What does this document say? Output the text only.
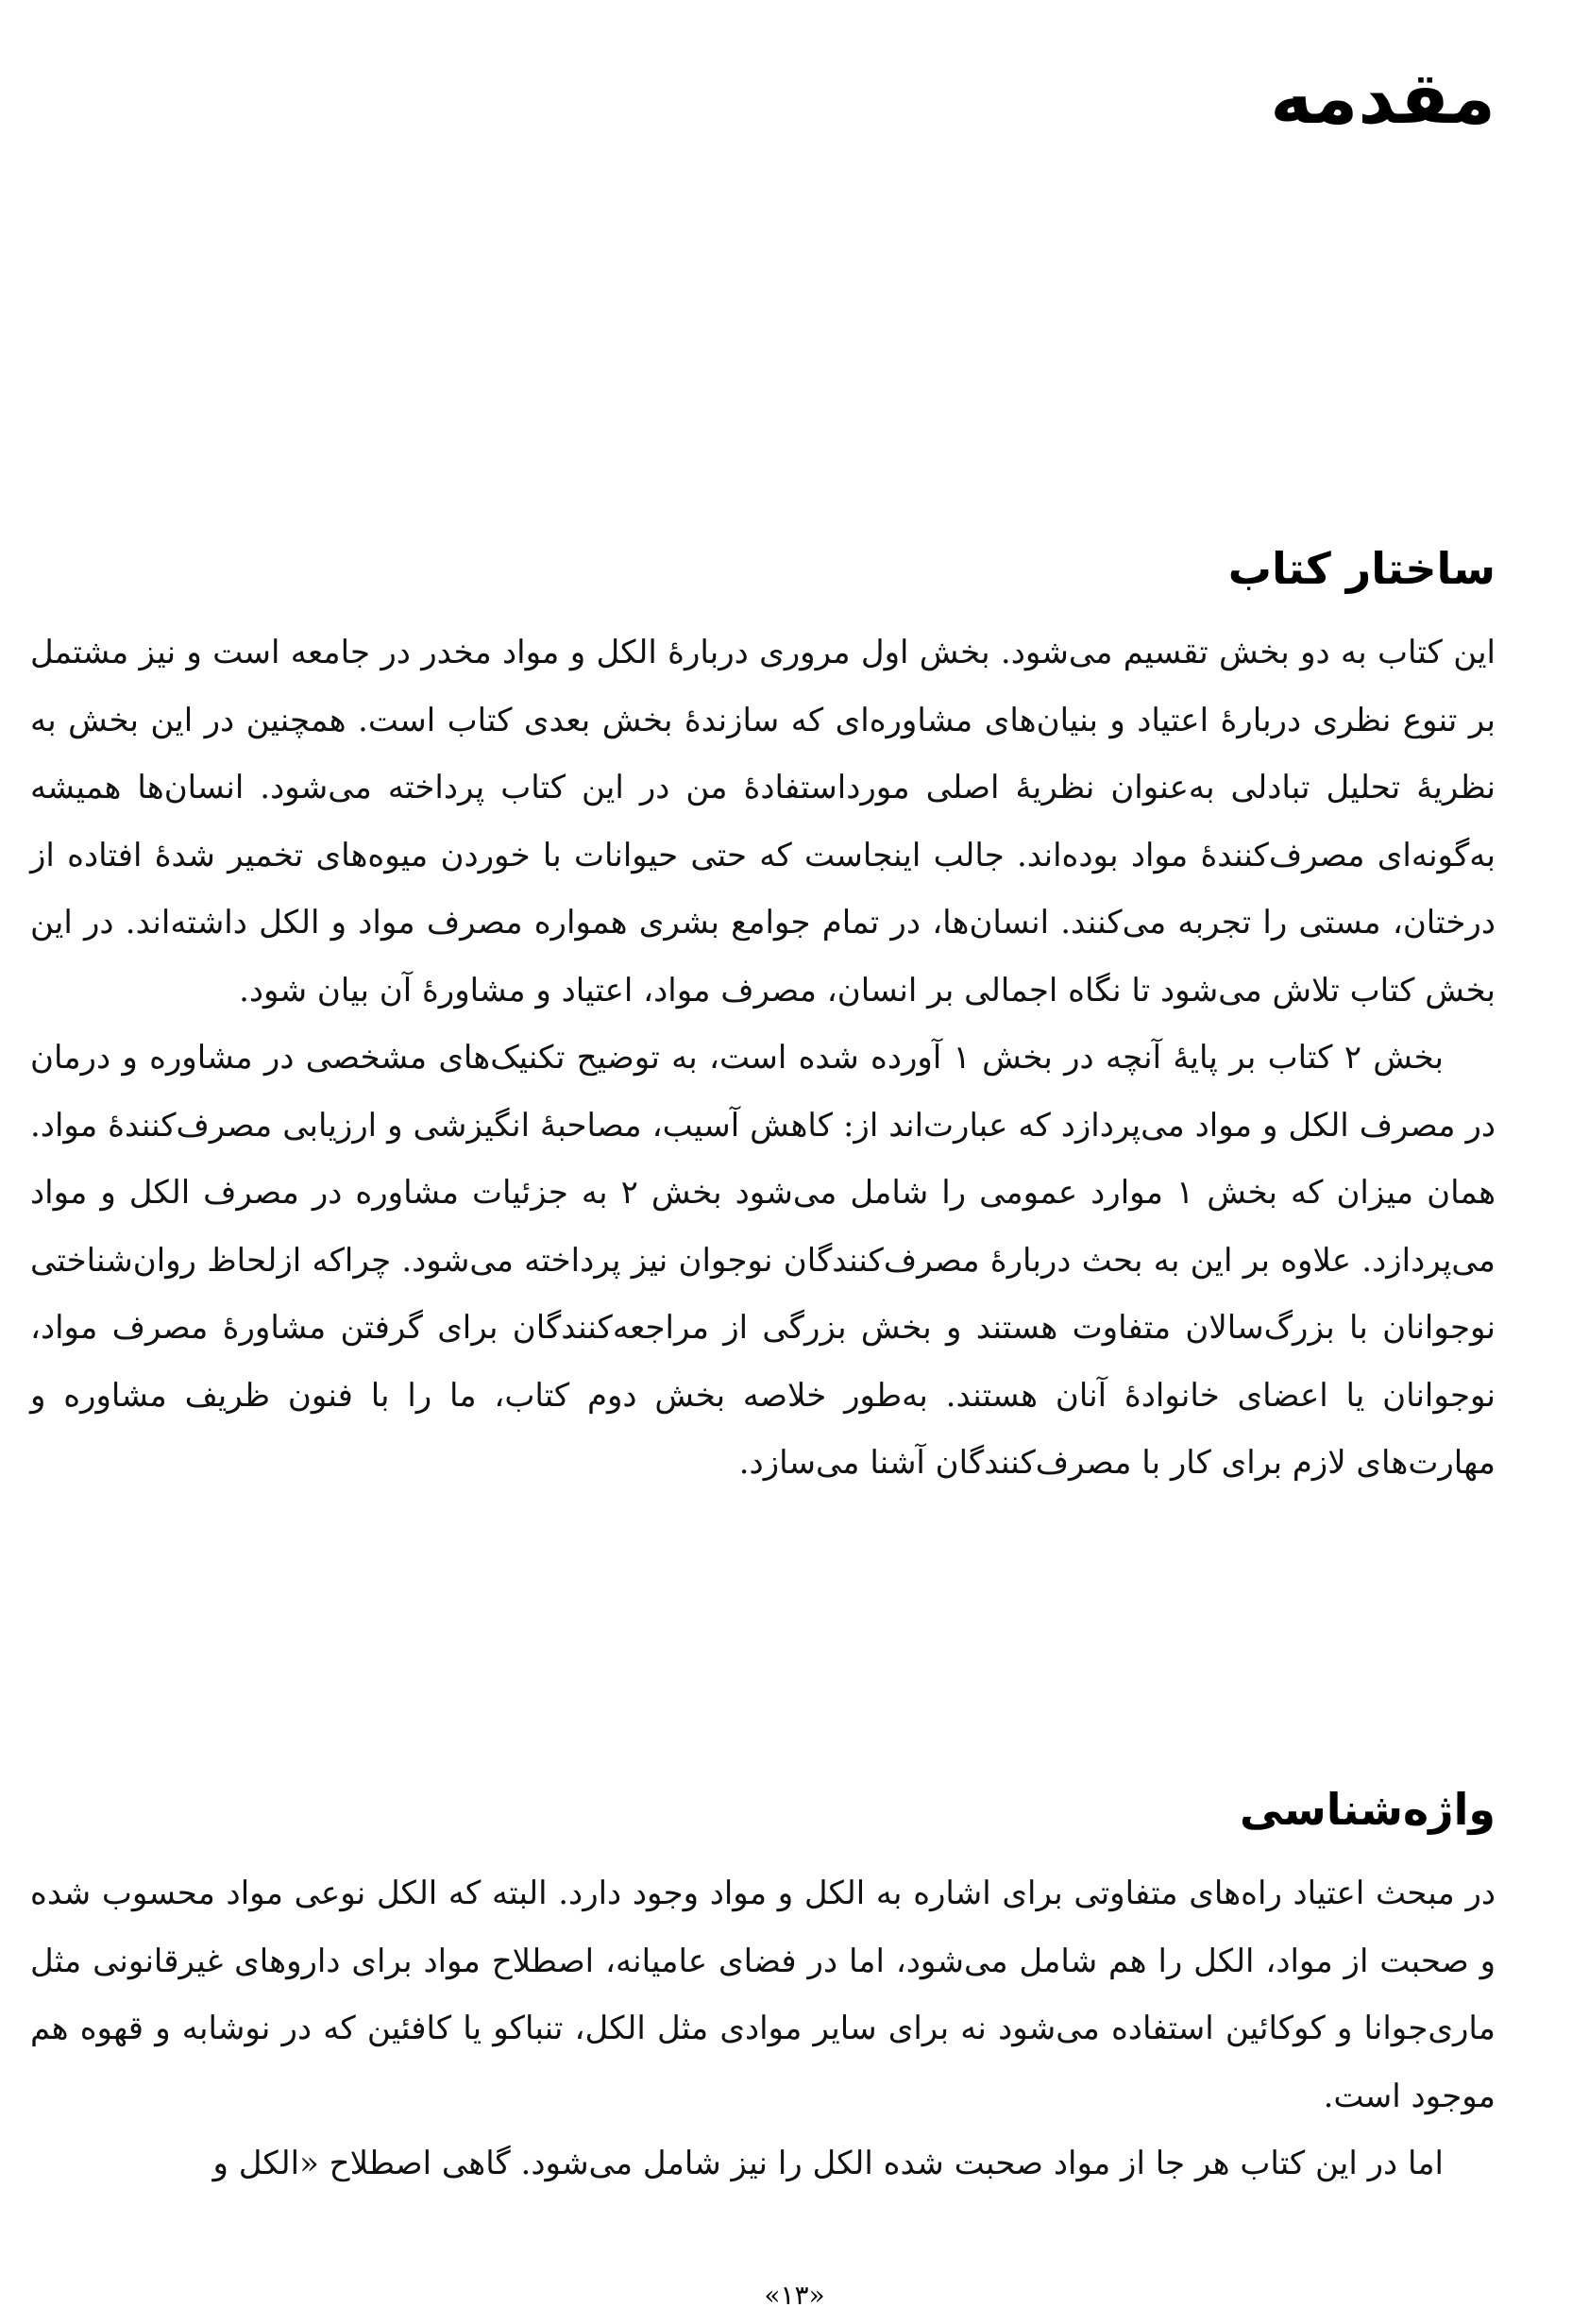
مقدمه
ساختار کتاب

این کتاب به دو بخش تقسیم می‌شود. بخش اول مروری دربارهٔ الکل و مواد مخدر در جامعه است و نیز مشتمل بر تنوع نظری دربارهٔ اعتیاد و بنیان‌های مشاوره‌ای که سازندهٔ بخش بعدی کتاب است. همچنین در این بخش به نظریهٔ تحلیل تبادلی به‌عنوان نظریهٔ اصلی مورداستفادهٔ من در این کتاب پرداخته می‌شود. انسان‌ها همیشه به‌گونه‌ای مصرف‌کنندهٔ مواد بوده‌اند. جالب اینجاست که حتی حیوانات با خوردن میوه‌های تخمیر شدهٔ افتاده از درختان، مستی را تجربه می‌کنند. انسان‌ها، در تمام جوامع بشری همواره مصرف مواد و الکل داشته‌اند. در این بخش کتاب تلاش می‌شود تا نگاه اجمالی بر انسان، مصرف مواد، اعتیاد و مشاورهٔ آن بیان شود.

بخش ۲ کتاب بر پایهٔ آنچه در بخش ۱ آورده شده است، به توضیح تکنیک‌های مشخصی در مشاوره و درمان در مصرف الکل و مواد می‌پردازد که عبارت‌اند از: کاهش آسیب، مصاحبهٔ انگیزشی و ارزیابی مصرف‌کنندهٔ مواد. همان میزان که بخش ۱ موارد عمومی را شامل می‌شود بخش ۲ به جزئیات مشاوره در مصرف الکل و مواد می‌پردازد. علاوه بر این به بحث دربارهٔ مصرف‌کنندگان نوجوان نیز پرداخته می‌شود. چراکه ازلحاظ روان‌شناختی نوجوانان با بزرگ‌سالان متفاوت هستند و بخش بزرگی از مراجعه‌کنندگان برای گرفتن مشاورهٔ مصرف مواد، نوجوانان یا اعضای خانوادهٔ آنان هستند. به‌طور خلاصه بخش دوم کتاب، ما را با فنون ظریف مشاوره و مهارت‌های لازم برای کار با مصرف‌کنندگان آشنا می‌سازد.

واژه‌شناسی

در مبحث اعتیاد راه‌های متفاوتی برای اشاره به الکل و مواد وجود دارد. البته که الکل نوعی مواد محسوب شده و صحبت از مواد، الکل را هم شامل می‌شود، اما در فضای عامیانه، اصطلاح مواد برای داروهای غیرقانونی مثل ماری‌جوانا و کوکائین استفاده می‌شود نه برای سایر موادی مثل الکل، تنباکو یا کافئین که در نوشابه و قهوه هم موجود است.

اما در این کتاب هر جا از مواد صحبت شده الکل را نیز شامل می‌شود. گاهی اصطلاح «الکل و

«۱۳»
